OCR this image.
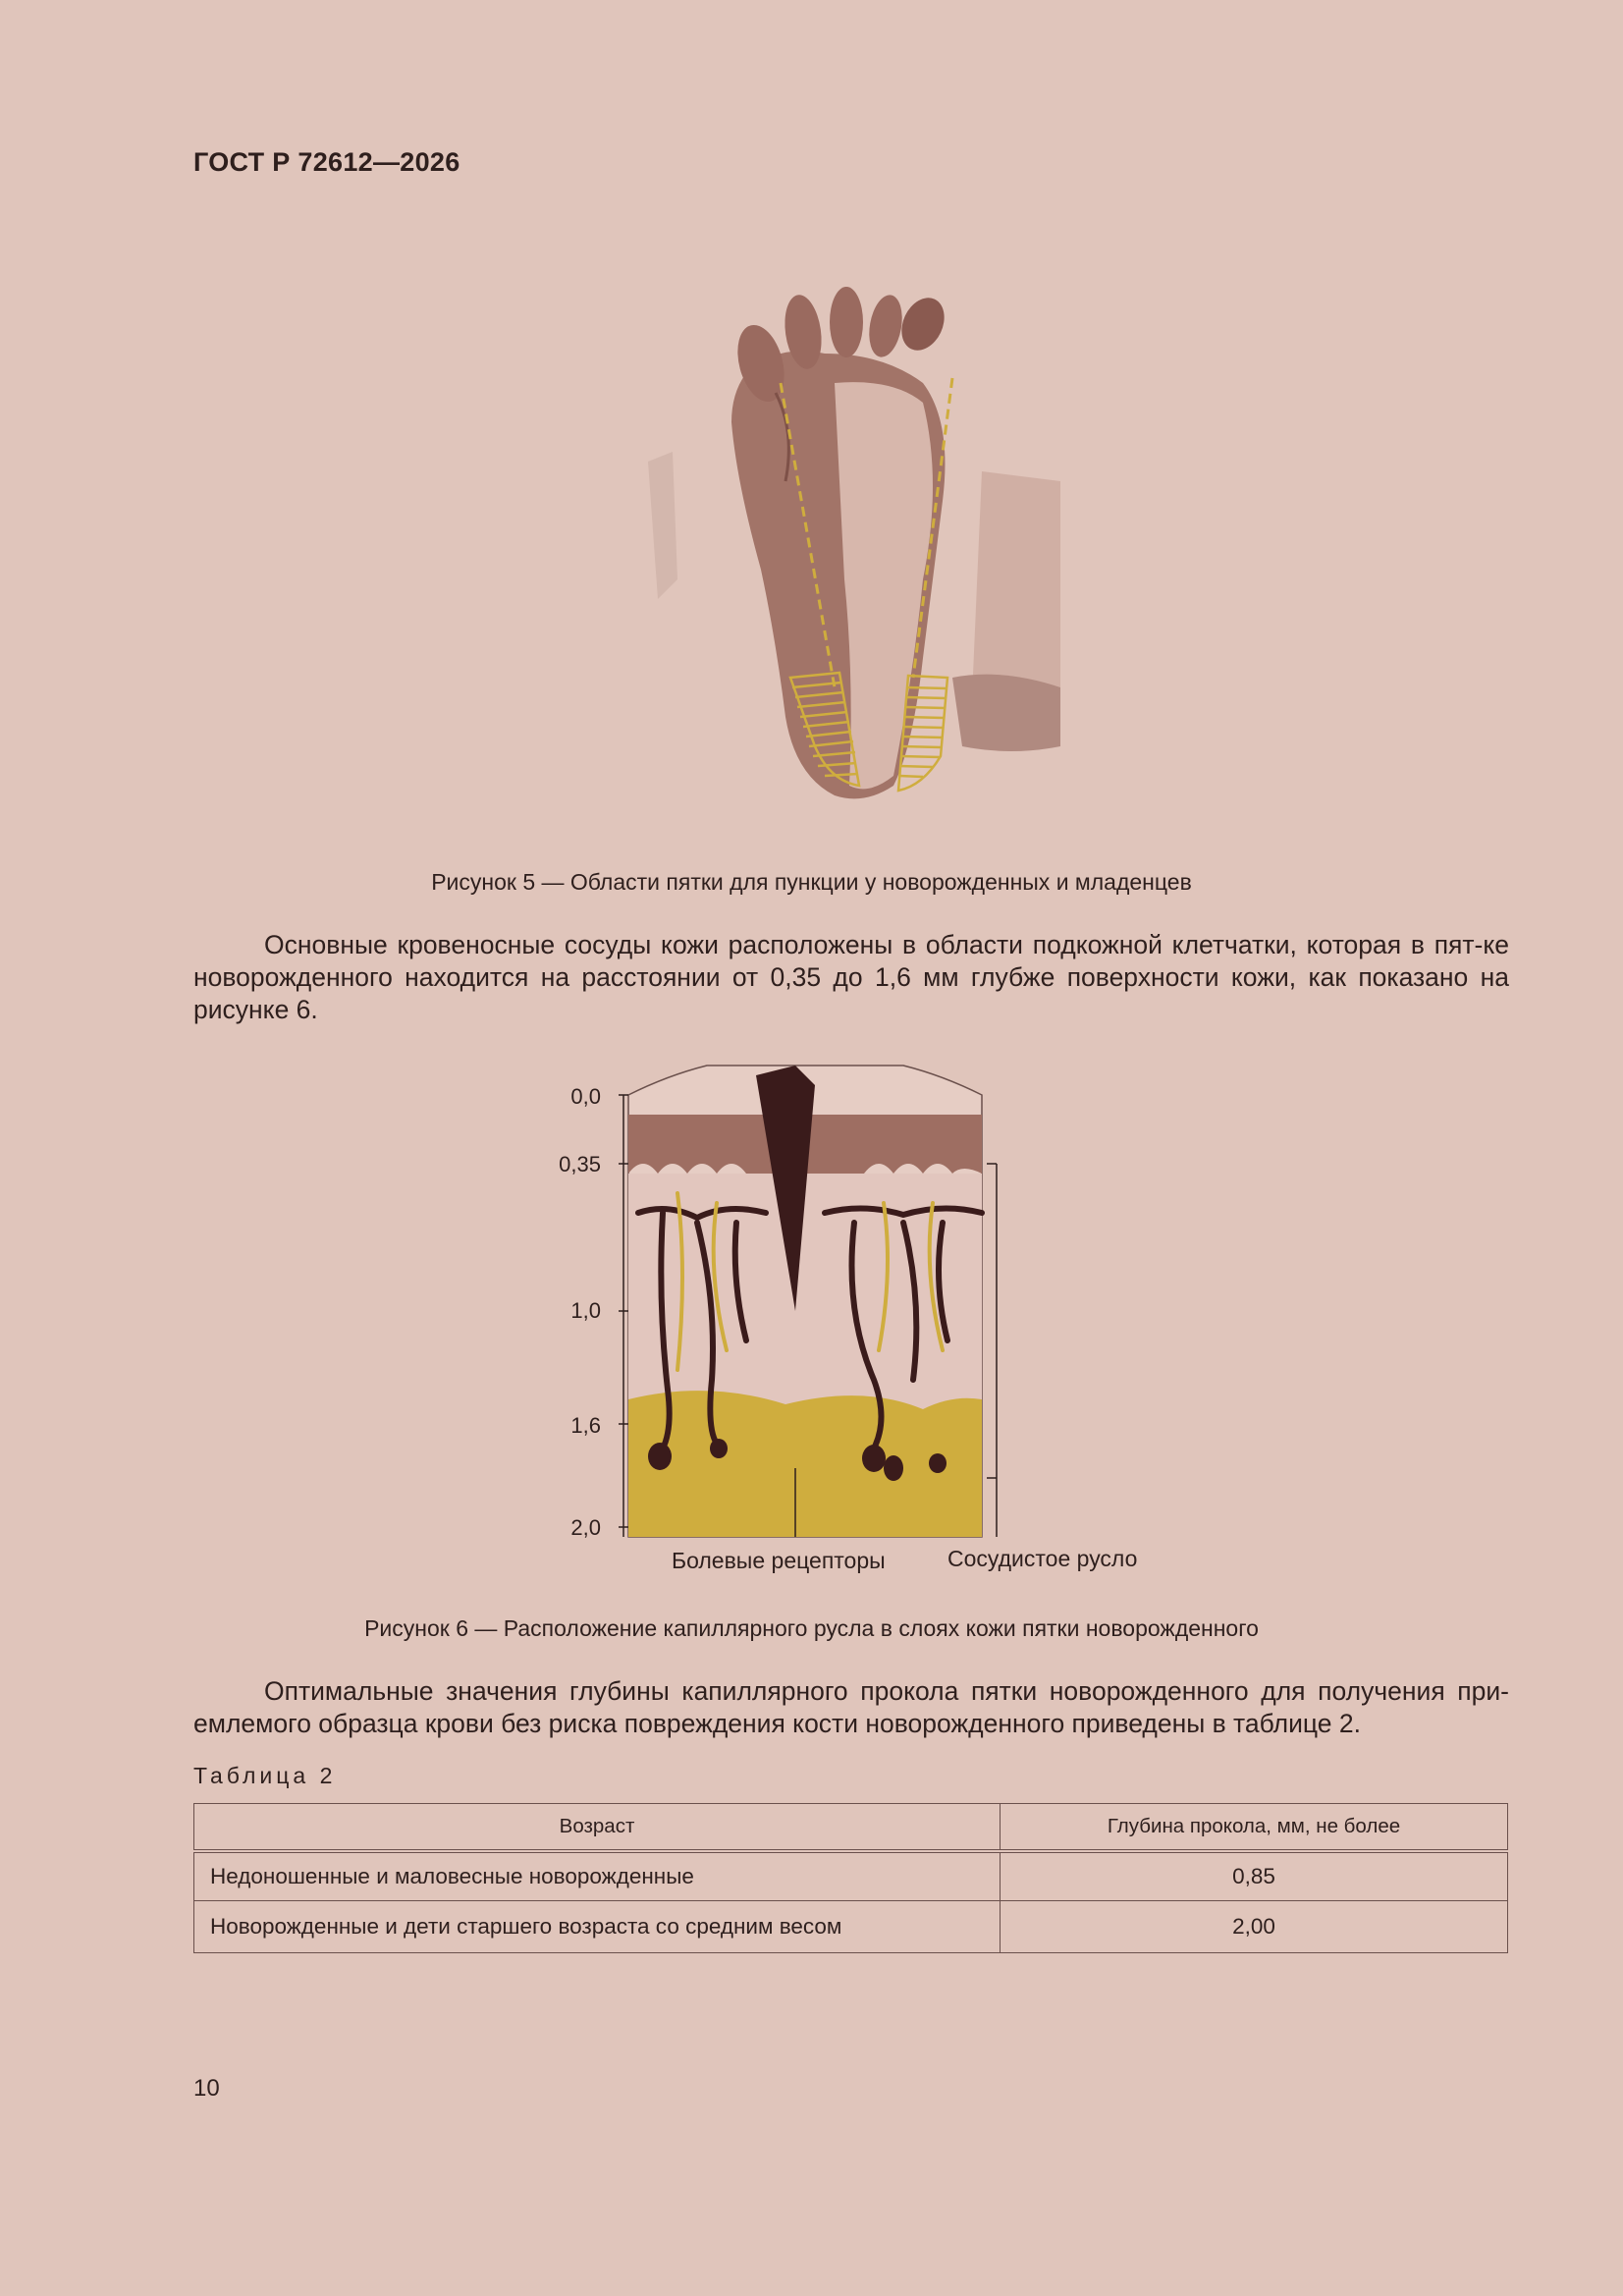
ГОСТ Р 72612—2026
Рисунок 5 — Области пятки для пункции у новорожденных и младенцев
Основные кровеносные сосуды кожи расположены в области подкожной клетчатки, которая в пят-ке новорожденного находится на расстоянии от 0,35 до 1,6 мм глубже поверхности кожи, как показано на рисунке 6.
0,0
0,35
1,0
1,6
2,0
Болевые рецепторы	Сосудистое русло
Рисунок 6 — Расположение капиллярного русла в слоях кожи пятки новорожденного
Оптимальные значения глубины капиллярного прокола пятки новорожденного для получения при-емлемого образца крови без риска повреждения кости новорожденного приведены в таблице 2.
Таблица 2
Возраст	Глубина прокола, мм, не более
Недоношенные и маловесные новорожденные	0,85
Новорожденные и дети старшего возраста со средним весом	2,00
10
